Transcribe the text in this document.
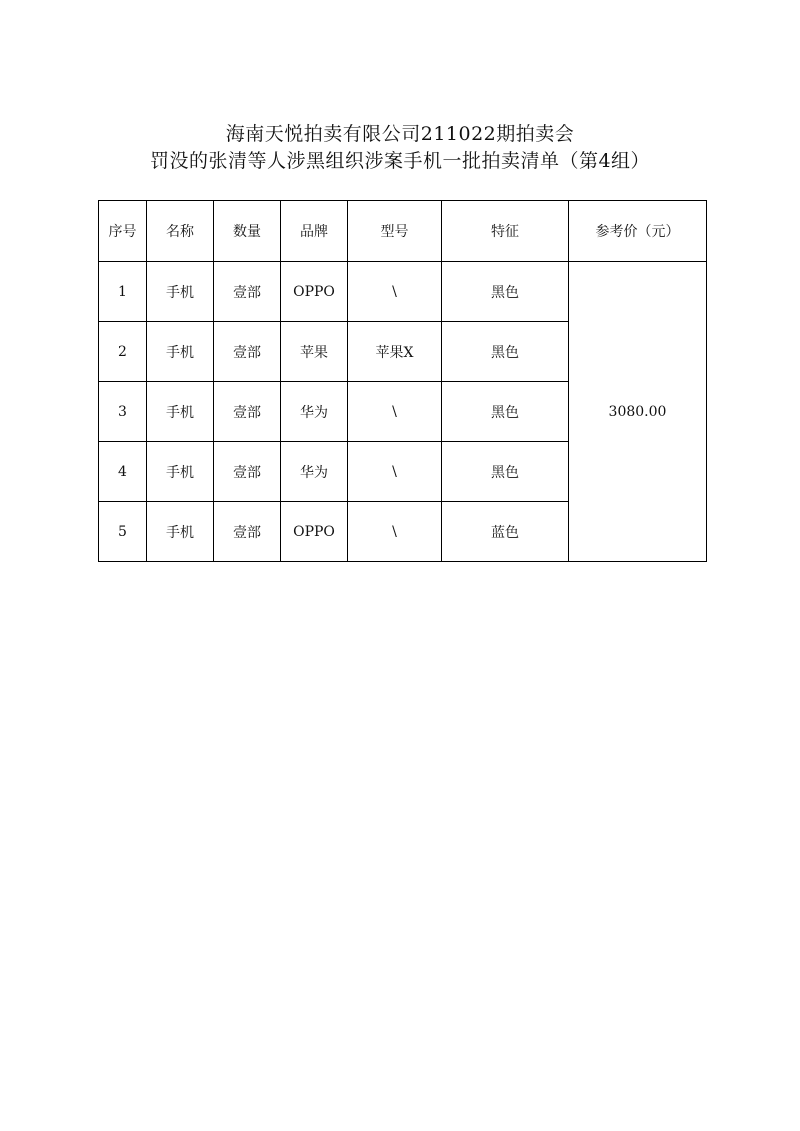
海南天悦拍卖有限公司211022期拍卖会
罚没的张清等人涉黑组织涉案手机一批拍卖清单（第4组）
序号	名称	数量	品牌	型号	特征	参考价（元）
1	手机	壹部	OPPO	\	黑色	3080.00
2	手机	壹部	苹果	苹果X	黑色	
3	手机	壹部	华为	\	黑色	
4	手机	壹部	华为	\	黑色	
5	手机	壹部	OPPO	\	蓝色	
